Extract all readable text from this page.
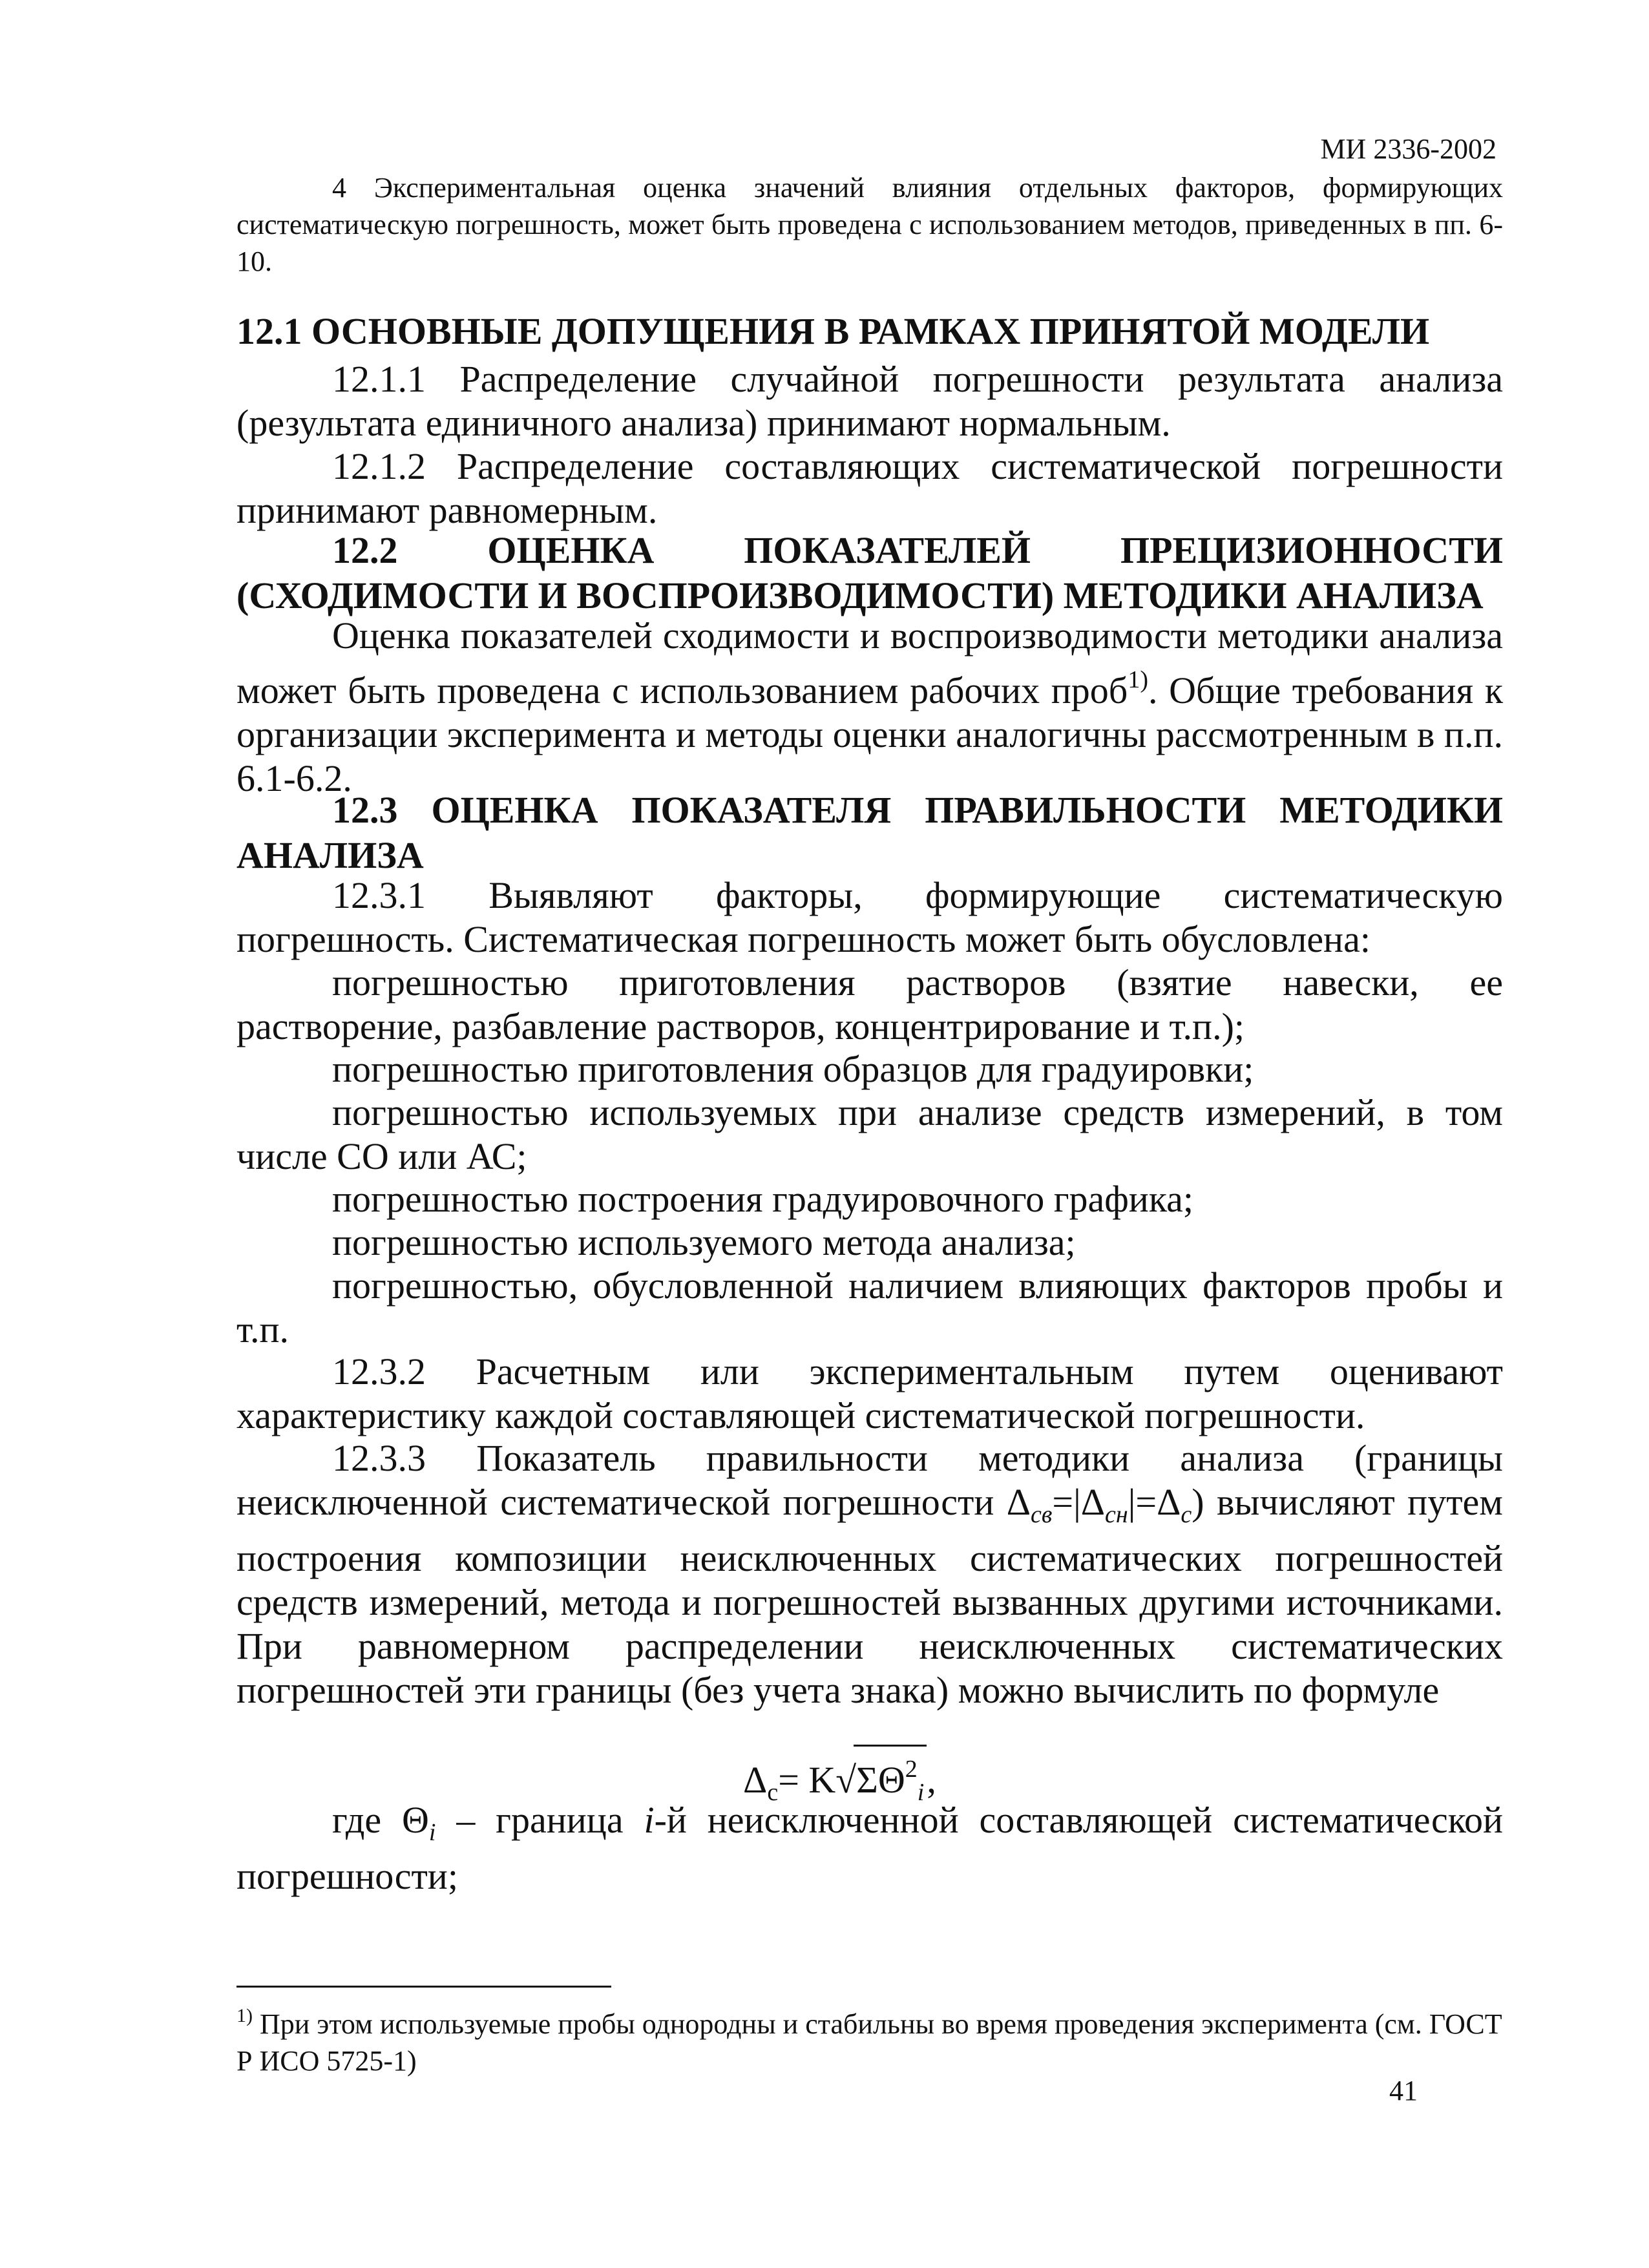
МИ 2336-2002

4 Экспериментальная оценка значений влияния отдельных факторов, формирующих систематическую погрешность, может быть проведена с использованием методов, приведенных в пп. 6-10.

12.1 ОСНОВНЫЕ ДОПУЩЕНИЯ В РАМКАХ ПРИНЯТОЙ МОДЕЛИ

12.1.1 Распределение случайной погрешности результата анализа (результата единичного анализа) принимают нормальным.

12.1.2 Распределение составляющих систематической погрешности принимают равномерным.

12.2 ОЦЕНКА ПОКАЗАТЕЛЕЙ ПРЕЦИЗИОННОСТИ (СХОДИМОСТИ И ВОСПРОИЗВОДИМОСТИ) МЕТОДИКИ АНАЛИЗА

Оценка показателей сходимости и воспроизводимости методики анализа может быть проведена с использованием рабочих проб$^{1)}$. Общие требования к организации эксперимента и методы оценки аналогичны рассмотренным в п.п. 6.1-6.2.

12.3 ОЦЕНКА ПОКАЗАТЕЛЯ ПРАВИЛЬНОСТИ МЕТОДИКИ АНАЛИЗА

12.3.1 Выявляют факторы, формирующие систематическую погрешность. Систематическая погрешность может быть обусловлена:

погрешностью приготовления растворов (взятие навески, ее растворение, разбавление растворов, концентрирование и т.п.);

погрешностью приготовления образцов для градуировки;

погрешностью используемых при анализе средств измерений, в том числе СО или АС;

погрешностью построения градуировочного графика;

погрешностью используемого метода анализа;

погрешностью, обусловленной наличием влияющих факторов пробы и т.п.

12.3.2 Расчетным или экспериментальным путем оценивают характеристику каждой составляющей систематической погрешности.

12.3.3 Показатель правильности методики анализа (границы неисключенной систематической погрешности $\Delta_{св}=|\Delta_{сн}|=\Delta_с$) вычисляют путем построения композиции неисключенных систематических погрешностей средств измерений, метода и погрешностей вызванных другими источниками. При равномерном распределении неисключенных систематических погрешностей эти границы (без учета знака) можно вычислить по формуле

$\Delta_с= K√\Sigma\Theta^2_i$,

где $\Theta_i$ – граница i-й неисключенной составляющей систематической погрешности;

$^{1)}$ При этом используемые пробы однородны и стабильны во время проведения эксперимента (см. ГОСТ Р ИСО 5725-1)

41
